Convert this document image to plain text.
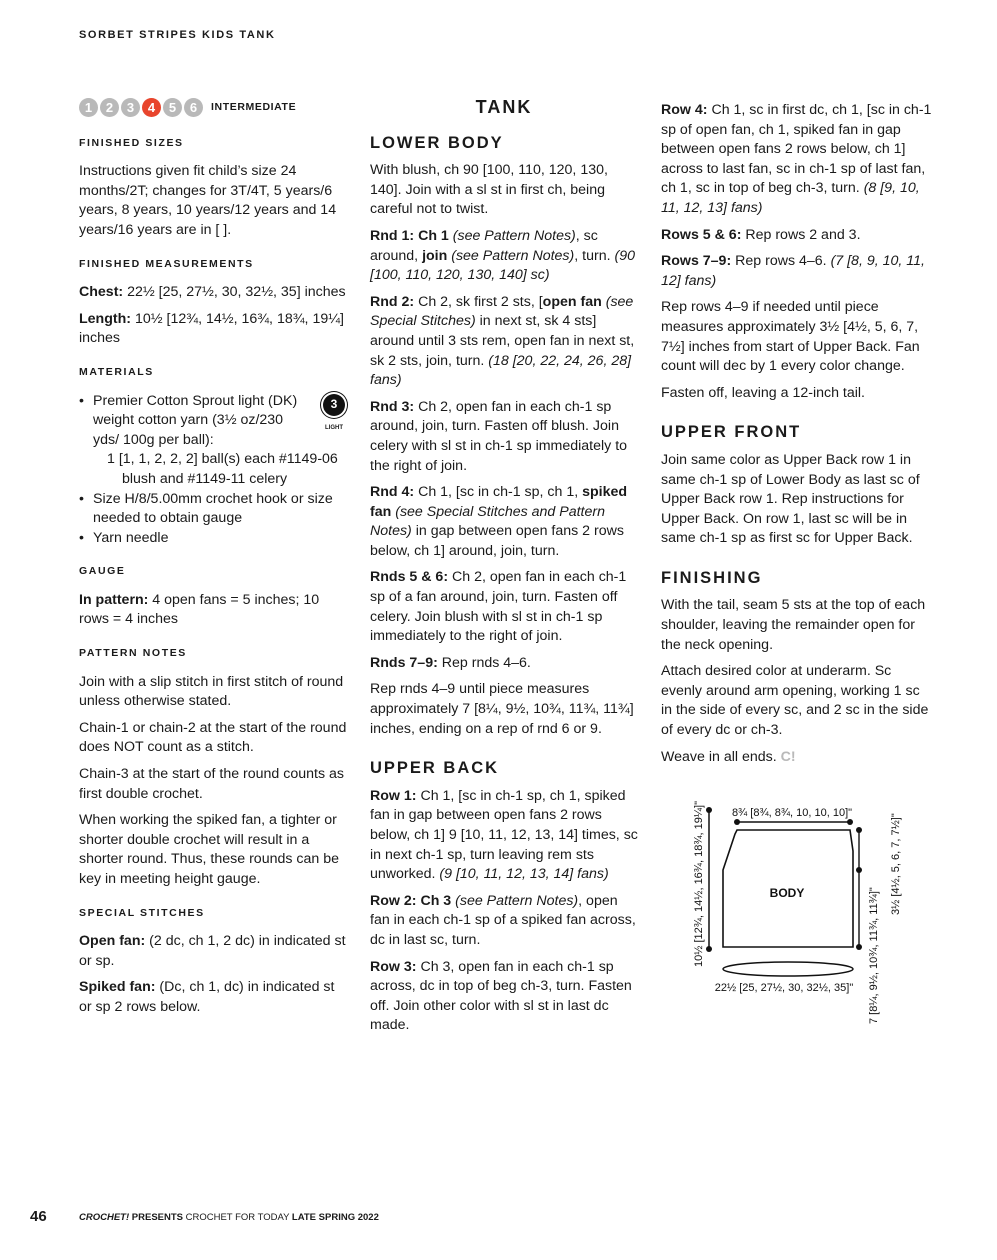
SORBET STRIPES KIDS TANK
1	2	3	4	5	6	INTERMEDIATE
FINISHED SIZES

Instructions given fit child’s size 24 months/2T; changes for 3T/4T, 5 years/6 years, 8 years, 10 years/12 years and 14 years/16 years are in [ ].

FINISHED MEASUREMENTS

Chest: 22½ [25, 27½, 30, 32½, 35] inches

Length: 10½ [12¾, 14½, 16¾, 18¾, 19¼] inches

MATERIALS
3
LIGHT
• Premier Cotton Sprout light (DK) weight cotton yarn (3½ oz/230 yds/ 100g per ball):
1 [1, 1, 2, 2, 2] ball(s) each #1149-06 blush and #1149-11 celery
• Size H/8/5.00mm crochet hook or size needed to obtain gauge
• Yarn needle
GAUGE

In pattern: 4 open fans = 5 inches; 10 rows = 4 inches

PATTERN NOTES

Join with a slip stitch in first stitch of round unless otherwise stated.

Chain-1 or chain-2 at the start of the round does NOT count as a stitch.

Chain-3 at the start of the round counts as first double crochet.

When working the spiked fan, a tighter or shorter double crochet will result in a shorter round. Thus, these rounds can be key in meeting height gauge.

SPECIAL STITCHES

Open fan: (2 dc, ch 1, 2 dc) in indicated st or sp.

Spiked fan: (Dc, ch 1, dc) in indicated st or sp 2 rows below.

TANK
LOWER BODY

With blush, ch 90 [100, 110, 120, 130, 140]. Join with a sl st in first ch, being careful not to twist.

Rnd 1: Ch 1 (see Pattern Notes), sc around, join (see Pattern Notes), turn. (90 [100, 110, 120, 130, 140] sc)

Rnd 2: Ch 2, sk first 2 sts, [open fan (see Special Stitches) in next st, sk 4 sts] around until 3 sts rem, open fan in next st, sk 2 sts, join, turn. (18 [20, 22, 24, 26, 28] fans)

Rnd 3: Ch 2, open fan in each ch-1 sp around, join, turn. Fasten off blush. Join celery with sl st in ch-1 sp immediately to the right of join.

Rnd 4: Ch 1, [sc in ch-1 sp, ch 1, spiked fan (see Special Stitches and Pattern Notes) in gap between open fans 2 rows below, ch 1] around, join, turn.

Rnds 5 & 6: Ch 2, open fan in each ch-1 sp of a fan around, join, turn. Fasten off celery. Join blush with sl st in ch-1 sp immediately to the right of join.

Rnds 7–9: Rep rnds 4–6.

Rep rnds 4–9 until piece measures approximately 7 [8¼, 9½, 10¾, 11¾, 11¾] inches, ending on a rep of rnd 6 or 9.

UPPER BACK

Row 1: Ch 1, [sc in ch-1 sp, ch 1, spiked fan in gap between open fans 2 rows below, ch 1] 9 [10, 11, 12, 13, 14] times, sc in next ch-1 sp, turn leaving rem sts unworked. (9 [10, 11, 12, 13, 14] fans)

Row 2: Ch 3 (see Pattern Notes), open fan in each ch-1 sp of a spiked fan across, dc in last sc, turn.

Row 3: Ch 3, open fan in each ch-1 sp across, dc in top of beg ch-3, turn. Fasten off. Join other color with sl st in last dc made.

Row 4: Ch 1, sc in first dc, ch 1, [sc in ch-1 sp of open fan, ch 1, spiked fan in gap between open fans 2 rows below, ch 1] across to last fan, sc in ch-1 sp of last fan, ch 1, sc in top of beg ch-3, turn. (8 [9, 10, 11, 12, 13] fans)

Rows 5 & 6: Rep rows 2 and 3.

Rows 7–9: Rep rows 4–6. (7 [8, 9, 10, 11, 12] fans)

Rep rows 4–9 if needed until piece measures approximately 3½ [4½, 5, 6, 7, 7½] inches from start of Upper Back. Fan count will dec by 1 every color change.

Fasten off, leaving a 12-inch tail.

UPPER FRONT

Join same color as Upper Back row 1 in same ch-1 sp of Lower Body as last sc of Upper Back row 1. Rep instructions for Upper Back. On row 1, last sc will be in same ch-1 sp as first sc for Upper Back.

FINISHING

With the tail, seam 5 sts at the top of each shoulder, leaving the remainder open for the neck opening.

Attach desired color at underarm. Sc evenly around arm opening, working 1 sc in the side of every sc, and 2 sc in the side of every dc or ch-3.

Weave in all ends. C!

10½ [12¾, 14½, 16¾, 18¾, 19¼]"	BODY
8¾ [8¾, 8¾, 10, 10, 10]"
3½ [4½, 5, 6, 7, 7½]"
7 [8¼, 9½, 10¾, 11¾, 11¾]"
22½ [25, 27½, 30, 32½, 35]"
46	CROCHET! PRESENTS CROCHET FOR TODAY LATE SPRING 2022
